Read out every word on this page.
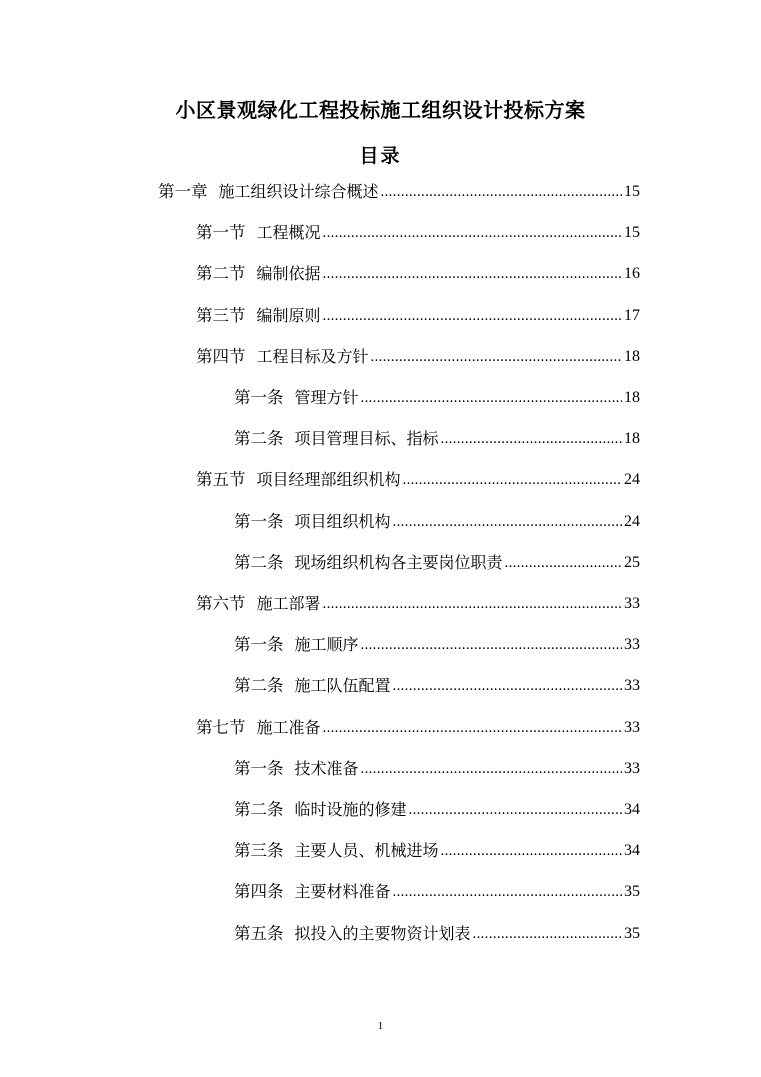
小区景观绿化工程投标施工组织设计投标方案
目录
第一章 施工组织设计综合概述 .....	15
第一节 工程概况 .....	15
第二节 编制依据 .....	16
第三节 编制原则 .....	17
第四节 工程目标及方针 .....	18
第一条 管理方针 .....	18
第二条 项目管理目标、指标 .....	18
第五节 项目经理部组织机构 .....	24
第一条 项目组织机构 .....	24
第二条 现场组织机构各主要岗位职责 .....	25
第六节 施工部署 .....	33
第一条 施工顺序 .....	33
第二条 施工队伍配置 .....	33
第七节 施工准备 .....	33
第一条 技术准备 .....	33
第二条 临时设施的修建 .....	34
第三条 主要人员、机械进场 .....	34
第四条 主要材料准备 .....	35
第五条 拟投入的主要物资计划表 .....	35
1
